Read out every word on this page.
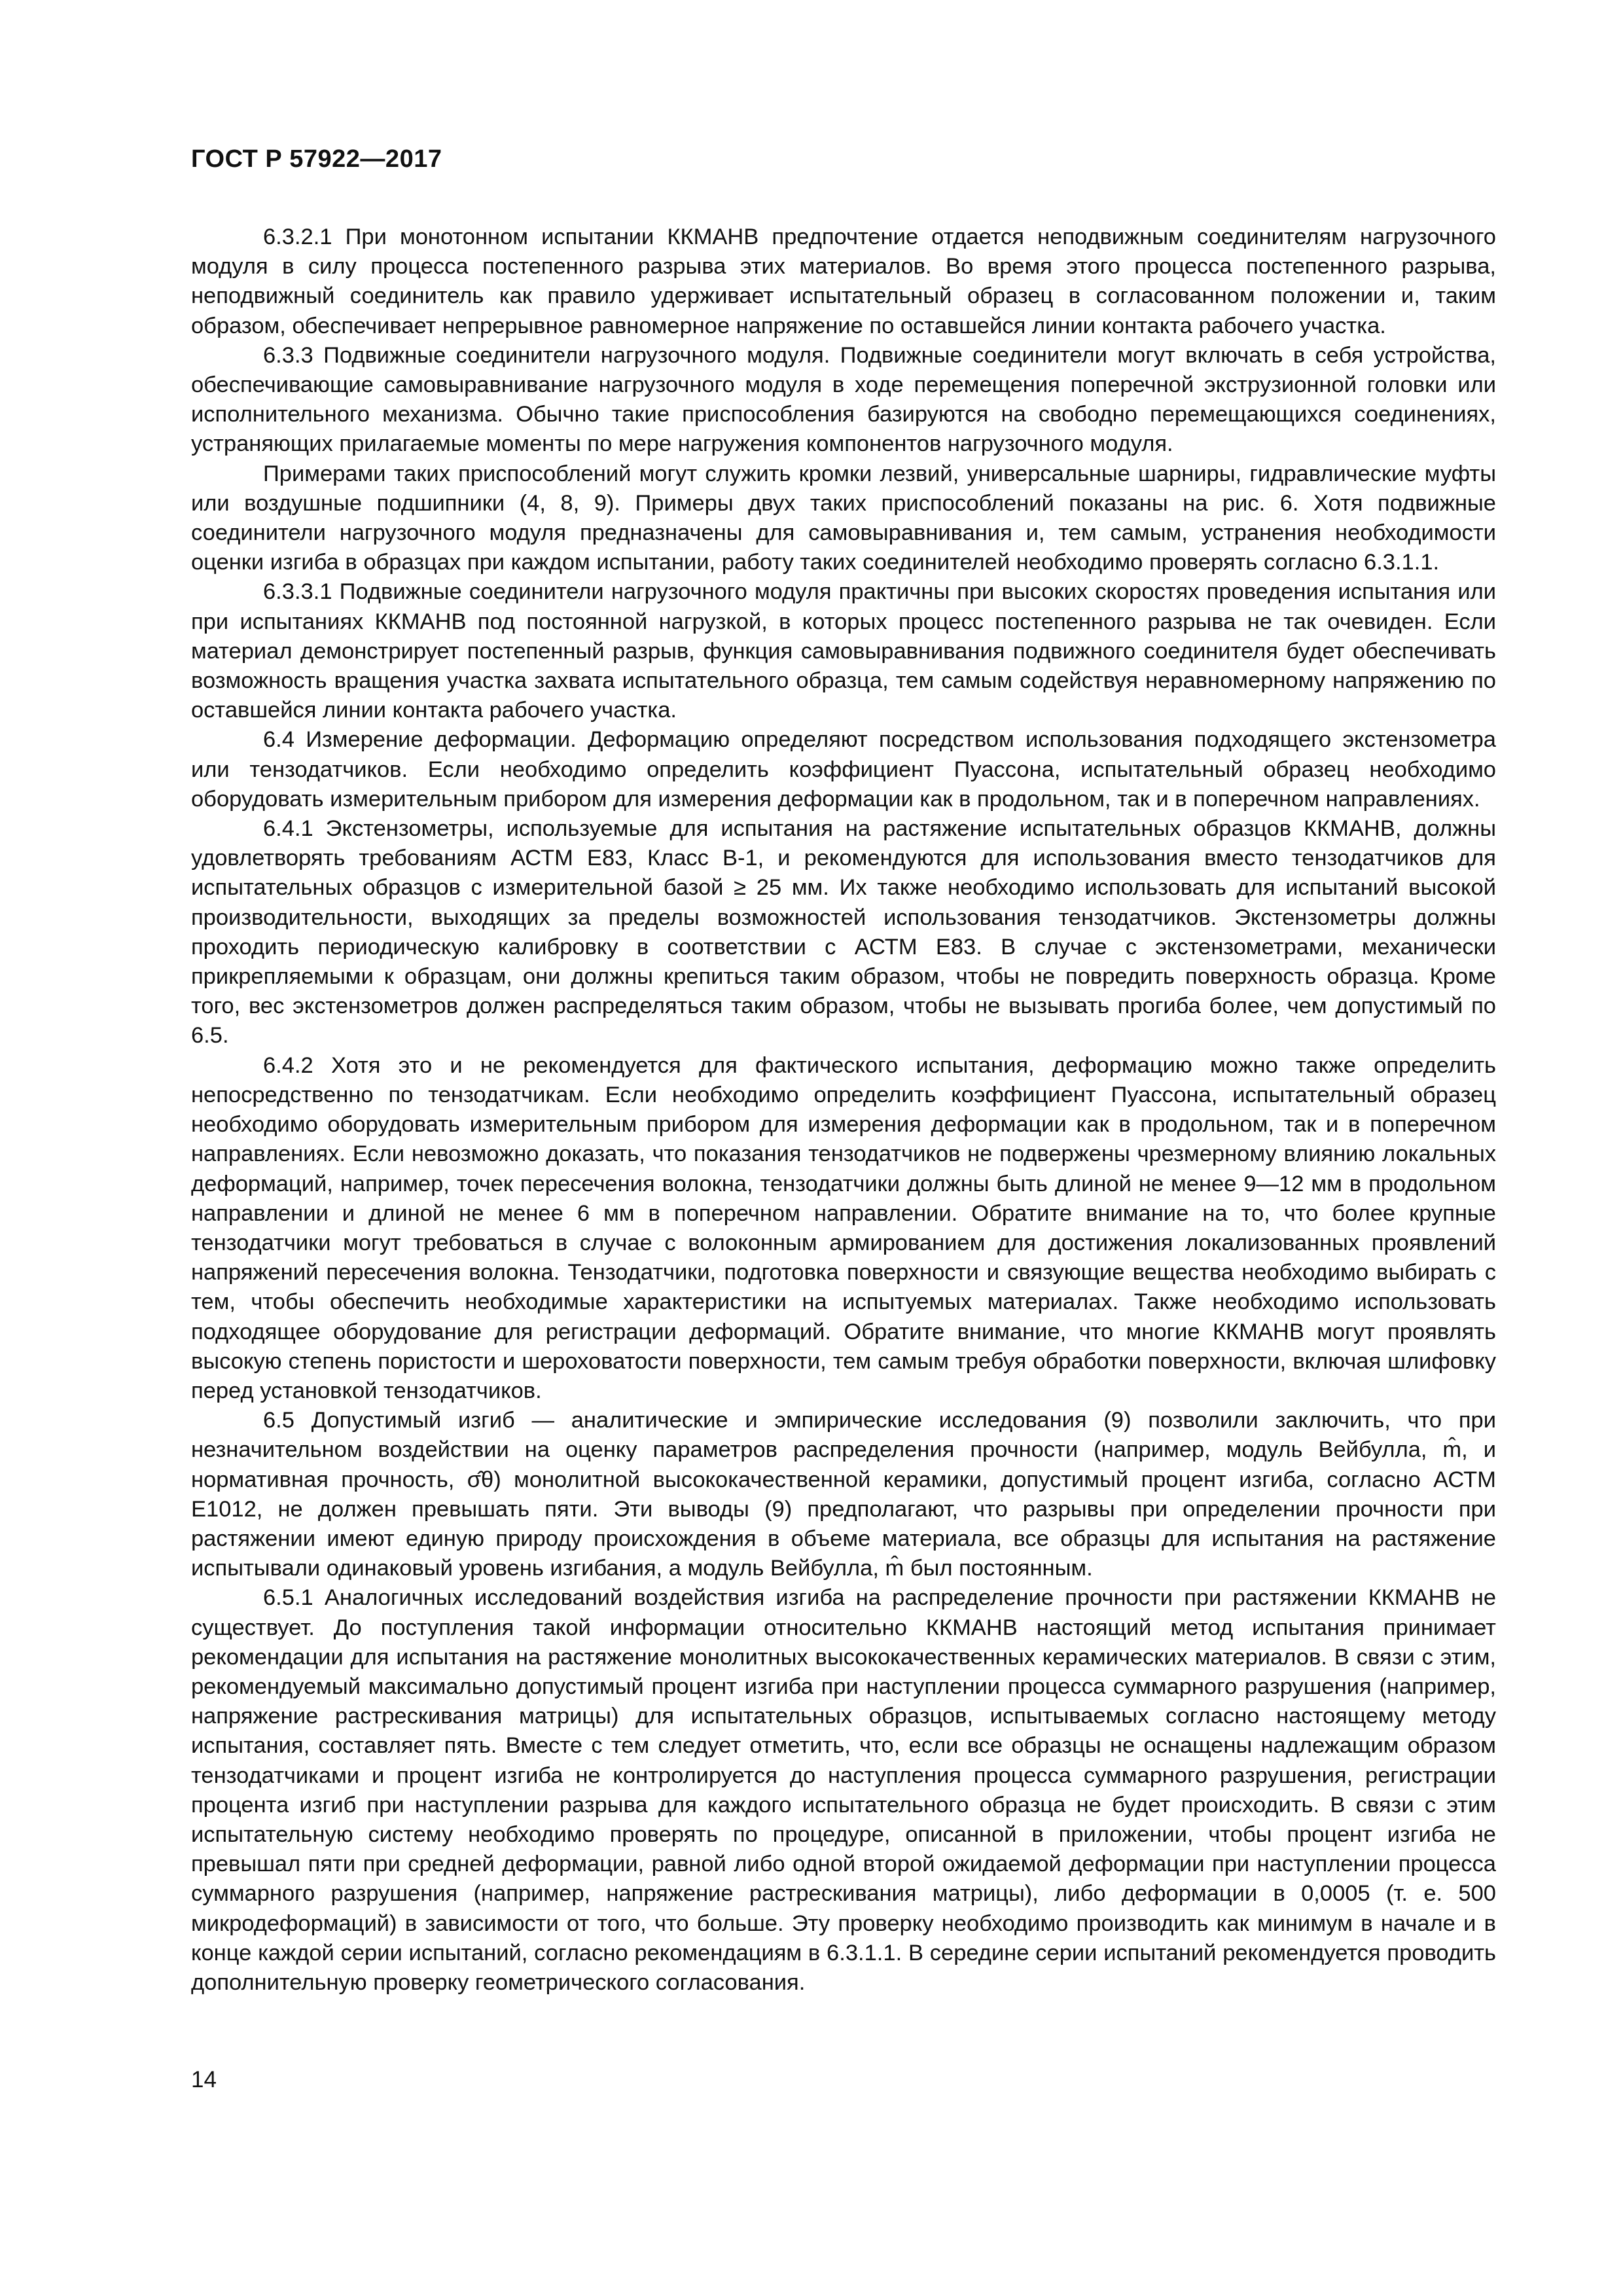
ГОСТ Р 57922—2017

6.3.2.1 При монотонном испытании ККМАНВ предпочтение отдается неподвижным соединителям нагрузочного модуля в силу процесса постепенного разрыва этих материалов. Во время этого процесса постепенного разрыва, неподвижный соединитель как правило удерживает испытательный образец в согласованном положении и, таким образом, обеспечивает непрерывное равномерное напряжение по оставшейся линии контакта рабочего участка.

6.3.3 Подвижные соединители нагрузочного модуля. Подвижные соединители могут включать в себя устройства, обеспечивающие самовыравнивание нагрузочного модуля в ходе перемещения поперечной экструзионной головки или исполнительного механизма. Обычно такие приспособления базируются на свободно перемещающихся соединениях, устраняющих прилагаемые моменты по мере нагружения компонентов нагрузочного модуля.

Примерами таких приспособлений могут служить кромки лезвий, универсальные шарниры, гидравлические муфты или воздушные подшипники (4, 8, 9). Примеры двух таких приспособлений показаны на рис. 6. Хотя подвижные соединители нагрузочного модуля предназначены для самовыравнивания и, тем самым, устранения необходимости оценки изгиба в образцах при каждом испытании, работу таких соединителей необходимо проверять согласно 6.3.1.1.

6.3.3.1 Подвижные соединители нагрузочного модуля практичны при высоких скоростях проведения испытания или при испытаниях ККМАНВ под постоянной нагрузкой, в которых процесс постепенного разрыва не так очевиден. Если материал демонстрирует постепенный разрыв, функция самовыравнивания подвижного соединителя будет обеспечивать возможность вращения участка захвата испытательного образца, тем самым содействуя неравномерному напряжению по оставшейся линии контакта рабочего участка.

6.4 Измерение деформации. Деформацию определяют посредством использования подходящего экстензометра или тензодатчиков. Если необходимо определить коэффициент Пуассона, испытательный образец необходимо оборудовать измерительным прибором для измерения деформации как в продольном, так и в поперечном направлениях.

6.4.1 Экстензометры, используемые для испытания на растяжение испытательных образцов ККМАНВ, должны удовлетворять требованиям АСТМ Е83, Класс В-1, и рекомендуются для использования вместо тензодатчиков для испытательных образцов с измерительной базой ≥ 25 мм. Их также необходимо использовать для испытаний высокой производительности, выходящих за пределы возможностей использования тензодатчиков. Экстензометры должны проходить периодическую калибровку в соответствии с АСТМ Е83. В случае с экстензометрами, механически прикрепляемыми к образцам, они должны крепиться таким образом, чтобы не повредить поверхность образца. Кроме того, вес экстензометров должен распределяться таким образом, чтобы не вызывать прогиба более, чем допустимый по 6.5.

6.4.2 Хотя это и не рекомендуется для фактического испытания, деформацию можно также определить непосредственно по тензодатчикам. Если необходимо определить коэффициент Пуассона, испытательный образец необходимо оборудовать измерительным прибором для измерения деформации как в продольном, так и в поперечном направлениях. Если невозможно доказать, что показания тензодатчиков не подвержены чрезмерному влиянию локальных деформаций, например, точек пересечения волокна, тензодатчики должны быть длиной не менее 9—12 мм в продольном направлении и длиной не менее 6 мм в поперечном направлении. Обратите внимание на то, что более крупные тензодатчики могут требоваться в случае с волоконным армированием для достижения локализованных проявлений напряжений пересечения волокна. Тензодатчики, подготовка поверхности и связующие вещества необходимо выбирать с тем, чтобы обеспечить необходимые характеристики на испытуемых материалах. Также необходимо использовать подходящее оборудование для регистрации деформаций. Обратите внимание, что многие ККМАНВ могут проявлять высокую степень пористости и шероховатости поверхности, тем самым требуя обработки поверхности, включая шлифовку перед установкой тензодатчиков.

6.5 Допустимый изгиб — аналитические и эмпирические исследования (9) позволили заключить, что при незначительном воздействии на оценку параметров распределения прочности (например, модуль Вейбулла, m̂, и нормативная прочность, σ̂θ) монолитной высококачественной керамики, допустимый процент изгиба, согласно АСТМ Е1012, не должен превышать пяти. Эти выводы (9) предполагают, что разрывы при определении прочности при растяжении имеют единую природу происхождения в объеме материала, все образцы для испытания на растяжение испытывали одинаковый уровень изгибания, а модуль Вейбулла, m̂ был постоянным.

6.5.1 Аналогичных исследований воздействия изгиба на распределение прочности при растяжении ККМАНВ не существует. До поступления такой информации относительно ККМАНВ настоящий метод испытания принимает рекомендации для испытания на растяжение монолитных высококачественных керамических материалов. В связи с этим, рекомендуемый максимально допустимый процент изгиба при наступлении процесса суммарного разрушения (например, напряжение растрескивания матрицы) для испытательных образцов, испытываемых согласно настоящему методу испытания, составляет пять. Вместе с тем следует отметить, что, если все образцы не оснащены надлежащим образом тензодатчиками и процент изгиба не контролируется до наступления процесса суммарного разрушения, регистрации процента изгиб при наступлении разрыва для каждого испытательного образца не будет происходить. В связи с этим испытательную систему необходимо проверять по процедуре, описанной в приложении, чтобы процент изгиба не превышал пяти при средней деформации, равной либо одной второй ожидаемой деформации при наступлении процесса суммарного разрушения (например, напряжение растрескивания матрицы), либо деформации в 0,0005 (т. е. 500 микродеформаций) в зависимости от того, что больше. Эту проверку необходимо производить как минимум в начале и в конце каждой серии испытаний, согласно рекомендациям в 6.3.1.1. В середине серии испытаний рекомендуется проводить дополнительную проверку геометрического согласования.

14
